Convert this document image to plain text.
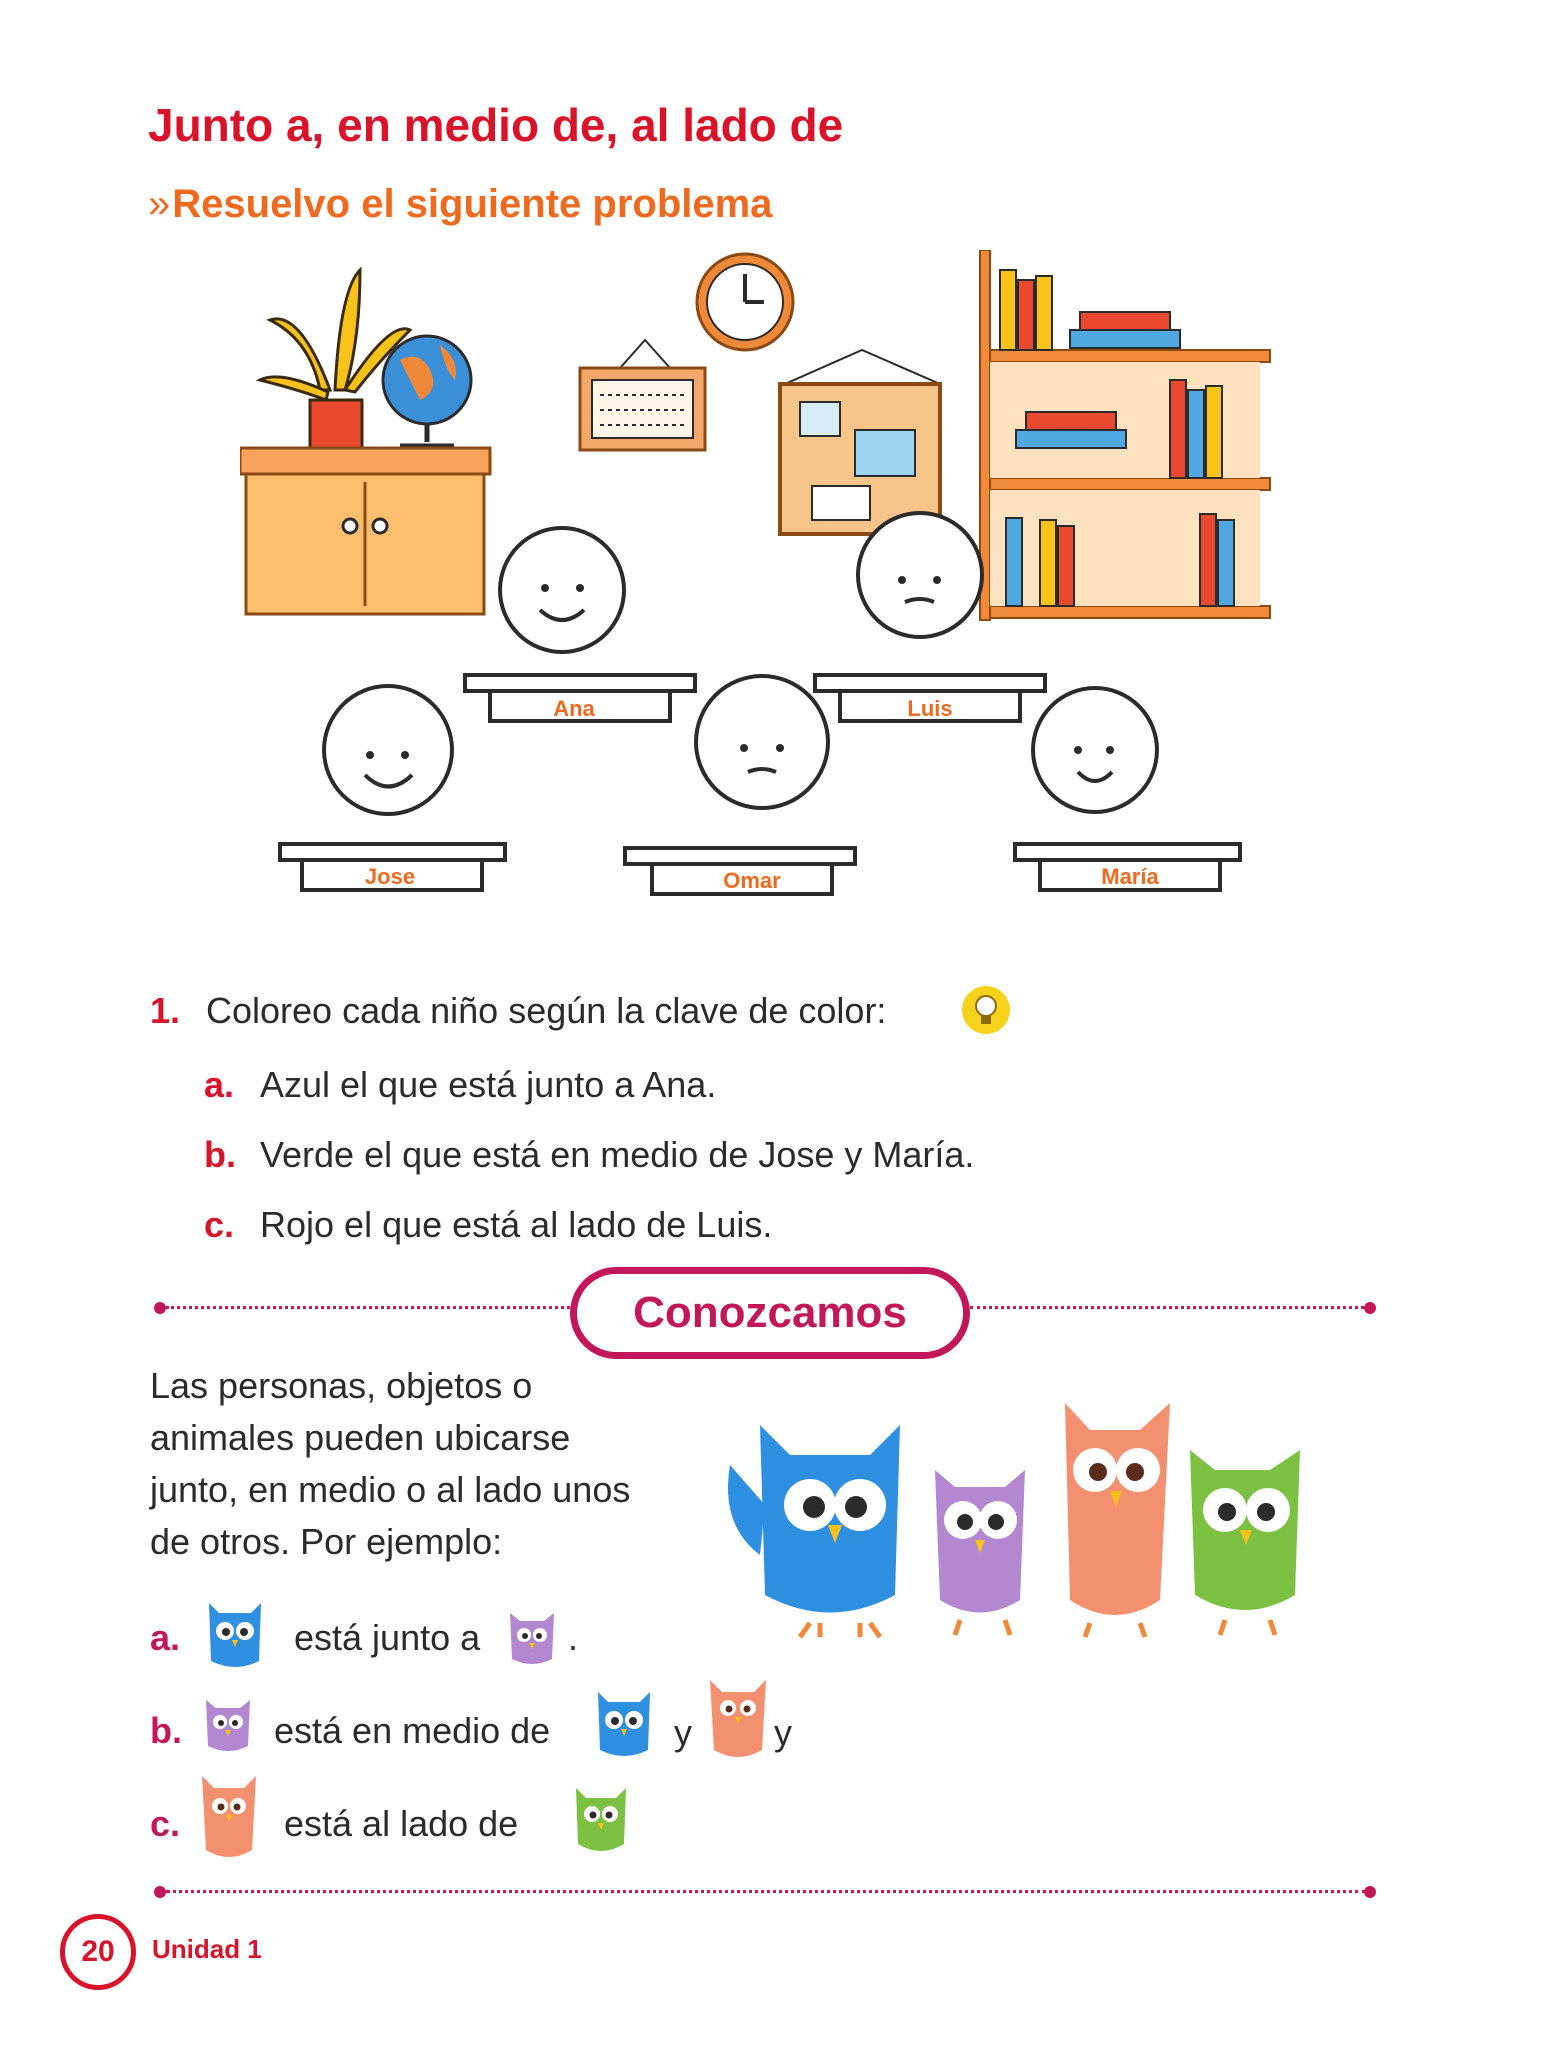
Junto a, en medio de, al lado de
»Resuelvo el siguiente problema
Ana	Luis
Jose	Omar	María
1. Coloreo cada niño según la clave de color:
a. Azul el que está junto a Ana.
b. Verde el que está en medio de Jose y María.
c. Rojo el que está al lado de Luis.
Conozcamos
Las personas, objetos o
animales pueden ubicarse
junto, en medio o al lado unos
de otros. Por ejemplo:
a.	está junto a .
b.	está en medio de	y y
c.	está al lado de
20	Unidad 1
